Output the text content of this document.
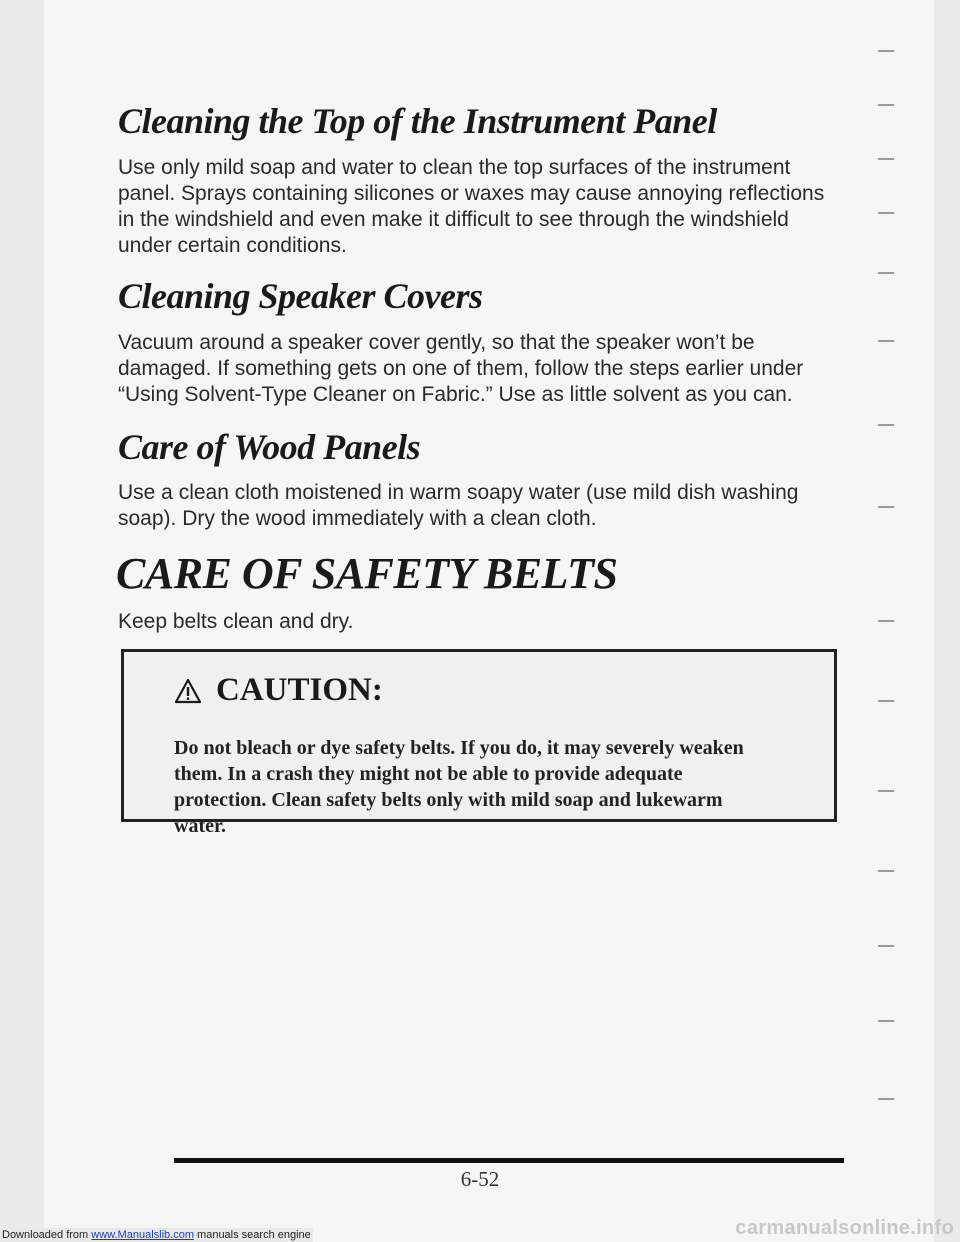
Cleaning the Top of the Instrument Panel

Use only mild soap and water to clean the top surfaces of the instrument panel. Sprays containing silicones or waxes may cause annoying reflections in the windshield and even make it difficult to see through the windshield under certain conditions.

Cleaning Speaker Covers

Vacuum around a speaker cover gently, so that the speaker won’t be damaged. If something gets on one of them, follow the steps earlier under “Using Solvent-Type Cleaner on Fabric.” Use as little solvent as you can.

Care of Wood Panels

Use a clean cloth moistened in warm soapy water (use mild dish washing soap). Dry the wood immediately with a clean cloth.

CARE OF SAFETY BELTS

Keep belts clean and dry.

CAUTION:

Do not bleach or dye safety belts. If you do, it may severely weaken them. In a crash they might not be able to provide adequate protection. Clean safety belts only with mild soap and lukewarm water.

6-52
Downloaded from www.Manualslib.com manuals search engine	carmanualsonline.info
